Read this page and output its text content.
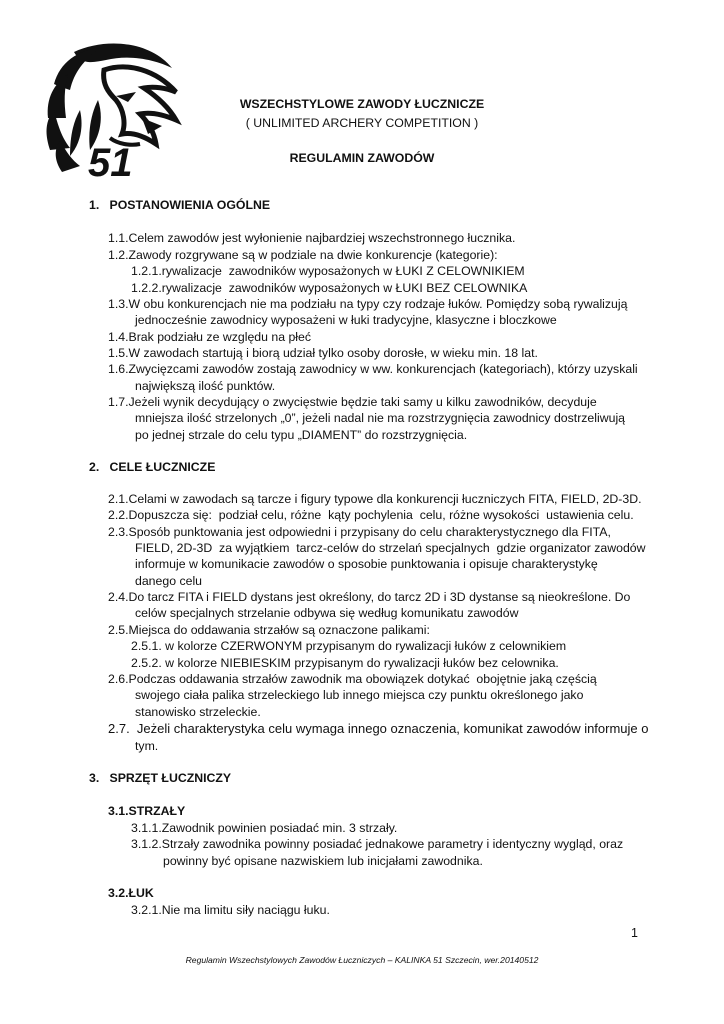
51
WSZECHSTYLOWE ZAWODY ŁUCZNICZE
( UNLIMITED ARCHERY COMPETITION )
REGULAMIN ZAWODÓW
1.   POSTANOWIENIA OGÓLNE
1.1.Celem zawodów jest wyłonienie najbardziej wszechstronnego łucznika.
1.2.Zawody rozgrywane są w podziale na dwie konkurencje (kategorie):
1.2.1.rywalizacje  zawodników wyposażonych w ŁUKI Z CELOWNIKIEM
1.2.2.rywalizacje  zawodników wyposażonych w ŁUKI BEZ CELOWNIKA
1.3.W obu konkurencjach nie ma podziału na typy czy rodzaje łuków. Pomiędzy sobą rywalizują
jednocześnie zawodnicy wyposażeni w łuki tradycyjne, klasyczne i bloczkowe
1.4.Brak podziału ze względu na płeć
1.5.W zawodach startują i biorą udział tylko osoby dorosłe, w wieku min. 18 lat.
1.6.Zwycięzcami zawodów zostają zawodnicy w ww. konkurencjach (kategoriach), którzy uzyskali
największą ilość punktów.
1.7.Jeżeli wynik decydujący o zwycięstwie będzie taki samy u kilku zawodników, decyduje
mniejsza ilość strzelonych „0”, jeżeli nadal nie ma rozstrzygnięcia zawodnicy dostrzeliwują
po jednej strzale do celu typu „DIAMENT” do rozstrzygnięcia.
2.   CELE ŁUCZNICZE
2.1.Celami w zawodach są tarcze i figury typowe dla konkurencji łuczniczych FITA, FIELD, 2D-3D.
2.2.Dopuszcza się:  podział celu, różne  kąty pochylenia  celu, różne wysokości  ustawienia celu.
2.3.Sposób punktowania jest odpowiedni i przypisany do celu charakterystycznego dla FITA,
FIELD, 2D-3D  za wyjątkiem  tarcz-celów do strzelań specjalnych  gdzie organizator zawodów
informuje w komunikacie zawodów o sposobie punktowania i opisuje charakterystykę
danego celu
2.4.Do tarcz FITA i FIELD dystans jest określony, do tarcz 2D i 3D dystanse są nieokreślone. Do
celów specjalnych strzelanie odbywa się według komunikatu zawodów
2.5.Miejsca do oddawania strzałów są oznaczone palikami:
2.5.1. w kolorze CZERWONYM przypisanym do rywalizacji łuków z celownikiem
2.5.2. w kolorze NIEBIESKIM przypisanym do rywalizacji łuków bez celownika.
2.6.Podczas oddawania strzałów zawodnik ma obowiązek dotykać  obojętnie jaką częścią
swojego ciała palika strzeleckiego lub innego miejsca czy punktu określonego jako
stanowisko strzeleckie.
2.7.  Jeżeli charakterystyka celu wymaga innego oznaczenia, komunikat zawodów informuje o
tym.
3.   SPRZĘT ŁUCZNICZY
3.1.STRZAŁY
3.1.1.Zawodnik powinien posiadać min. 3 strzały.
3.1.2.Strzały zawodnika powinny posiadać jednakowe parametry i identyczny wygląd, oraz
powinny być opisane nazwiskiem lub inicjałami zawodnika.
3.2.ŁUK
3.2.1.Nie ma limitu siły naciągu łuku.
1
Regulamin Wszechstylowych Zawodów Łuczniczych – KALINKA 51 Szczecin, wer.20140512
